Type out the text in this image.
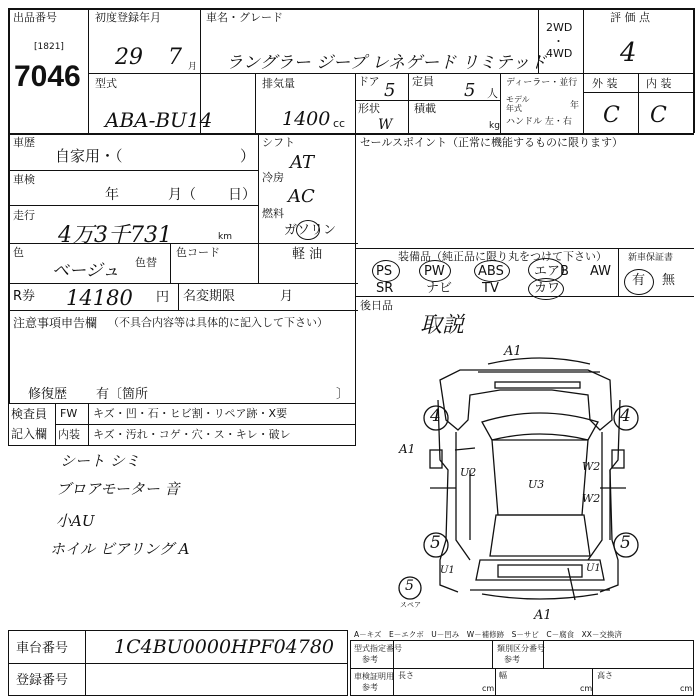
出品番号
[1821]
7046
初度登録年月
29 7 月
車名・グレード
ラングラー ジープ レネゲード リミテッド
2WD
・
4WD
評 価 点
4
型式
ABA-BU14
排気量
1400 cc
ドア 5 定員 5 人
形状
W
積載
kg
ディーラー・並行
モデル年式	年
ハンドル 左・右
外 装	内 装
C C
車歴
自家用・（	）
シフト
AT
車検
年	月（ 日）
冷房
AC
走行
4万3千731	km
燃料
ガソリン
軽 油
色
ベージュ 色替
色コード
R券 14180 円 名変期限	月
注意事項申告欄 （不具合内容等は具体的に記入して下さい）
修復歴 有〔箇所	〕
セールスポイント（正常に機能するものに限ります）
装備品（純正品に限り丸をつけて下さい） 新車保証書
PS PW	ABS エアB AW
SR	ナビ TV	カワ
有 無
後日品
取説
検査員
記入欄
FW キズ・凹・石・ヒビ割・リペア跡・X要
内装 キズ・汚れ・コゲ・穴・ス・キレ・破レ
シート シミ
ブロアモーター 音
小AU
ホイル ビアリング A
A1
4	4
A1
U2
U3
W2
W2
5	5
U1	U1
A1
5
スペア
A－キズ　E－エクボ　U－凹み　W－補修跡　S－サビ　C－腐食　XX－交換済
車台番号 1C4BU0000HPF04780
登録番号
型式指定番号
参考
類別区分番号
参考
車検証明用
参考
長さ
cm
幅
cm
高さ
cm
